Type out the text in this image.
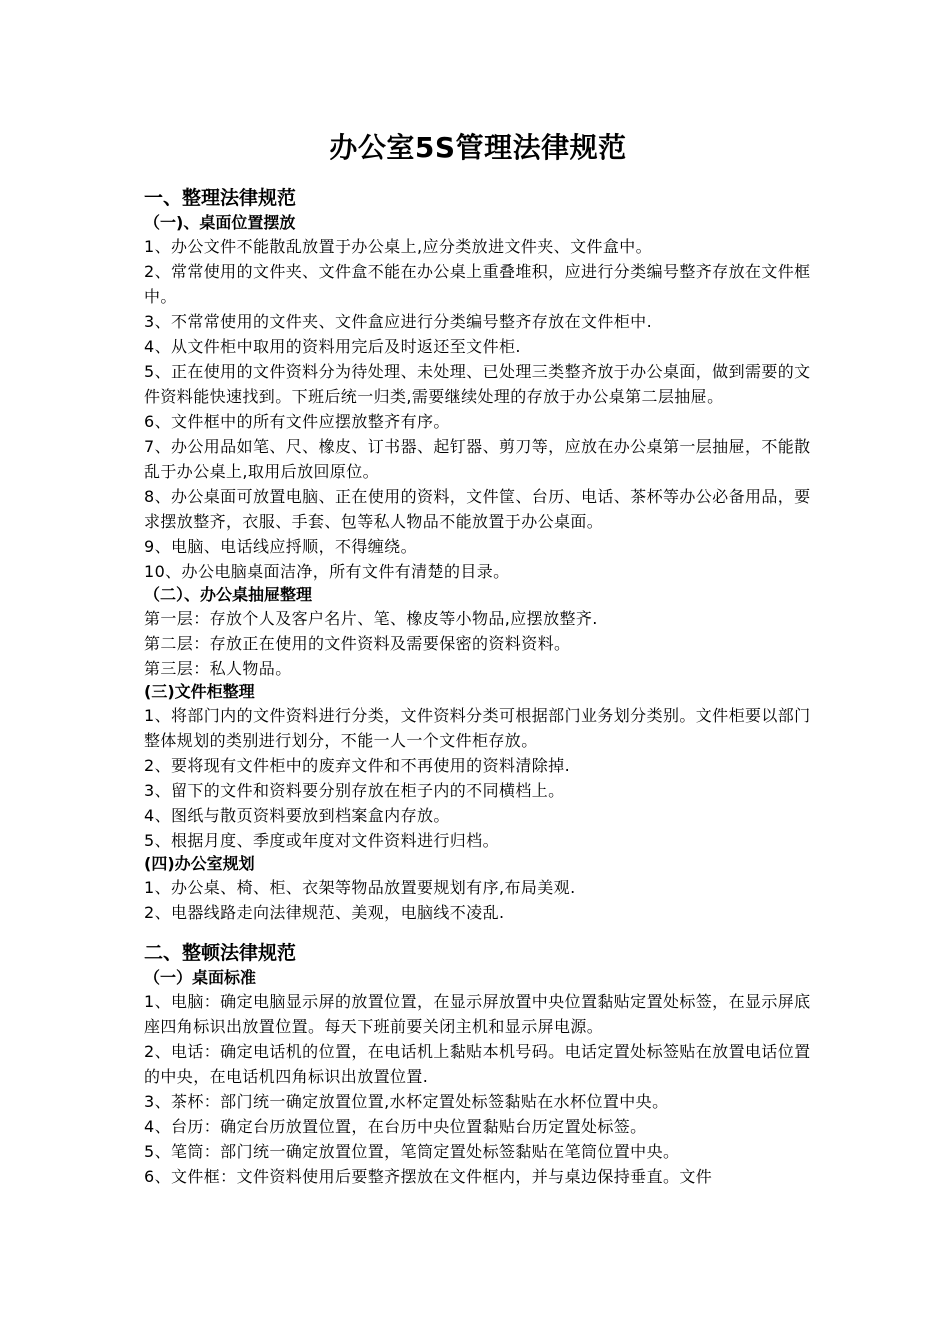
办公室5S管理法律规范
一、整理法律规范
（一)、桌面位置摆放
1、办公文件不能散乱放置于办公桌上,应分类放进文件夹、文件盒中。
2、常常使用的文件夹、文件盒不能在办公桌上重叠堆积，应进行分类编号整齐存放在文件框中。
3、不常常使用的文件夹、文件盒应进行分类编号整齐存放在文件柜中.
4、从文件柜中取用的资料用完后及时返还至文件柜.
5、正在使用的文件资料分为待处理、未处理、已处理三类整齐放于办公桌面，做到需要的文件资料能快速找到。下班后统一归类,需要继续处理的存放于办公桌第二层抽屉。
6、文件框中的所有文件应摆放整齐有序。
7、办公用品如笔、尺、橡皮、订书器、起钉器、剪刀等，应放在办公桌第一层抽屉，不能散乱于办公桌上,取用后放回原位。
8、办公桌面可放置电脑、正在使用的资料，文件筐、台历、电话、茶杯等办公必备用品，要求摆放整齐，衣服、手套、包等私人物品不能放置于办公桌面。
9、电脑、电话线应捋顺，不得缠绕。
10、办公电脑桌面洁净，所有文件有清楚的目录。
（二）、办公桌抽屉整理
第一层：存放个人及客户名片、笔、橡皮等小物品,应摆放整齐.
第二层：存放正在使用的文件资料及需要保密的资料资料。
第三层：私人物品。
(三)文件柜整理
1、将部门内的文件资料进行分类，文件资料分类可根据部门业务划分类别。文件柜要以部门整体规划的类别进行划分，不能一人一个文件柜存放。
2、要将现有文件柜中的废弃文件和不再使用的资料清除掉.
3、留下的文件和资料要分别存放在柜子内的不同横档上。
4、图纸与散页资料要放到档案盒内存放。
5、根据月度、季度或年度对文件资料进行归档。
(四)办公室规划
1、办公桌、椅、柜、衣架等物品放置要规划有序,布局美观.
2、电器线路走向法律规范、美观，电脑线不凌乱.
二、整顿法律规范
（一）桌面标准
1、电脑：确定电脑显示屏的放置位置，在显示屏放置中央位置黏贴定置处标签，在显示屏底座四角标识出放置位置。每天下班前要关闭主机和显示屏电源。
2、电话：确定电话机的位置，在电话机上黏贴本机号码。电话定置处标签贴在放置电话位置的中央，在电话机四角标识出放置位置.
3、茶杯：部门统一确定放置位置,水杯定置处标签黏贴在水杯位置中央。
4、台历：确定台历放置位置，在台历中央位置黏贴台历定置处标签。
5、笔筒：部门统一确定放置位置，笔筒定置处标签黏贴在笔筒位置中央。
6、文件框：文件资料使用后要整齐摆放在文件框内，并与桌边保持垂直。文件
